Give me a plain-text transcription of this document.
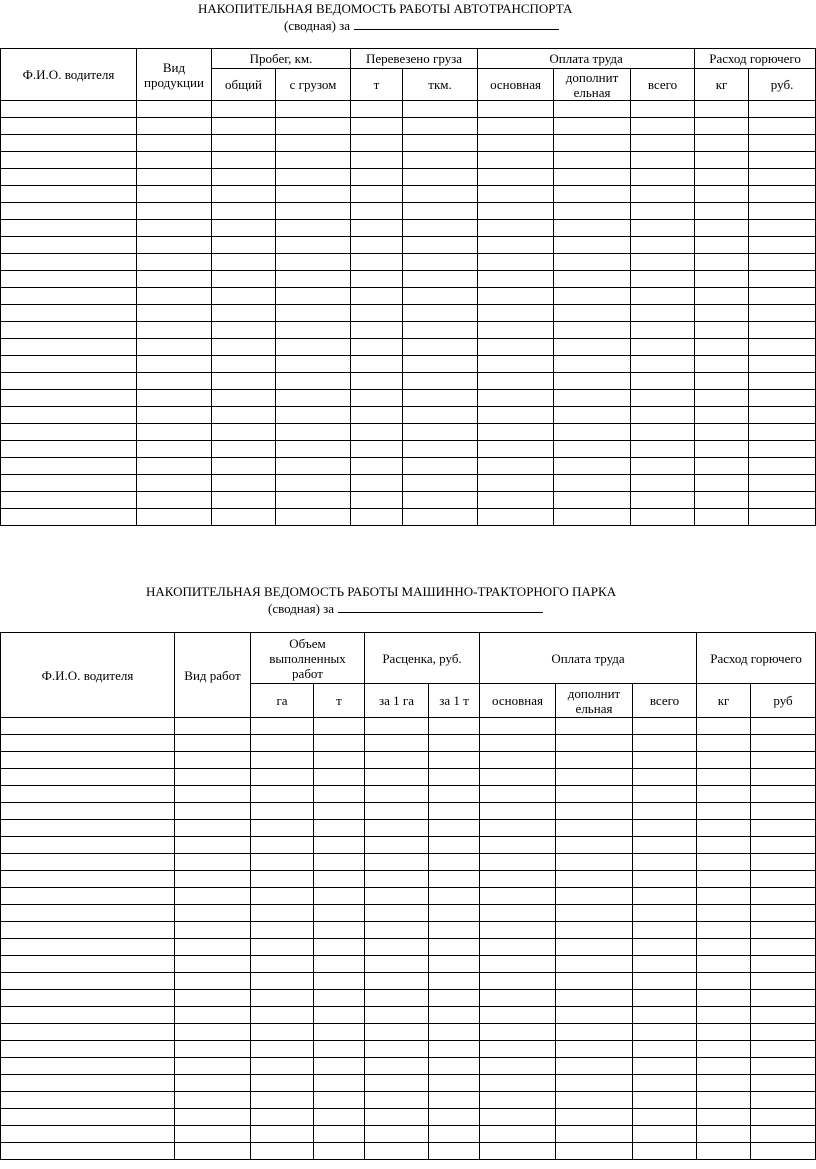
НАКОПИТЕЛЬНАЯ ВЕДОМОСТЬ РАБОТЫ АВТОТРАНСПОРТА
(сводная) за
Ф.И.О. водителя	Вид продукции	Пробег, км.		Перевезено груза		Оплата труда			Расход горючего	
		общий	с грузом	т	ткм.	основная	дополнит ельная	всего	кг	руб.

НАКОПИТЕЛЬНАЯ ВЕДОМОСТЬ РАБОТЫ МАШИННО-ТРАКТОРНОГО ПАРКА
(сводная) за
Ф.И.О. водителя	Вид работ	Объем выполненных работ		Расценка, руб.		Оплата труда			Расход горючего	
		га	т	за 1 га	за 1 т	основная	дополнит ельная	всего	кг	руб
